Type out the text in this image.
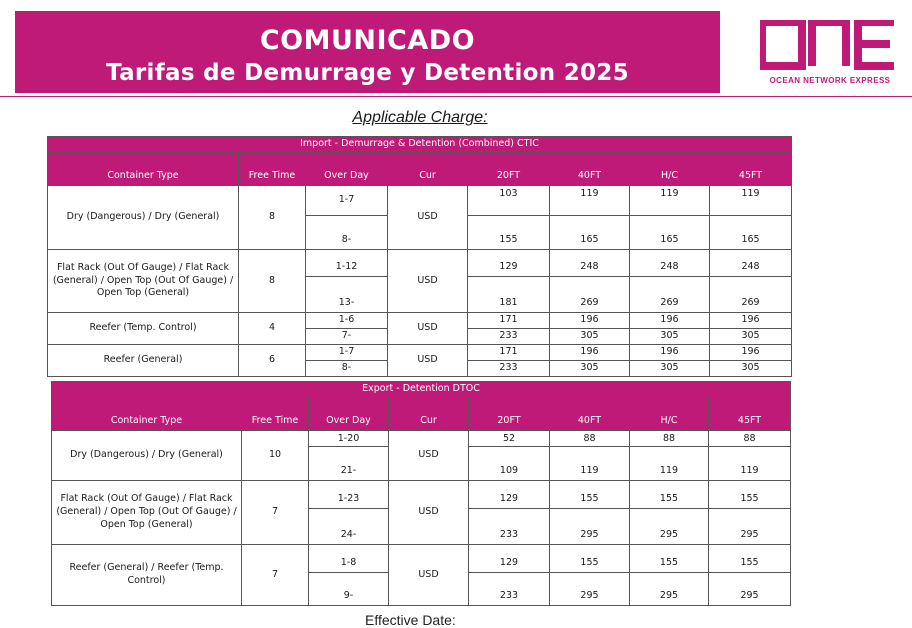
COMUNICADO
Tarifas de Demurrage y Detention 2025	OCEAN NETWORK EXPRESS
Applicable Charge:
Import - Demurrage & Detention (Combined) CTIC							
Container Type	Free Time	Over Day	Cur	20FT	40FT	H/C	45FT
Dry (Dangerous) / Dry (General)	8	1-7	USD	103	119	119	119
		8-		155	165	165	165
Flat Rack (Out Of Gauge) / Flat Rack (General) / Open Top (Out Of Gauge) / Open Top (General)	8	1-12	USD	129	248	248	248
		13-		181	269	269	269
Reefer (Temp. Control)	4	1-6	USD	171	196	196	196
		7-		233	305	305	305
Reefer (General)	6	1-7	USD	171	196	196	196
		8-		233	305	305	305
Export - Detention DTOC							
Container Type	Free Time	Over Day	Cur	20FT	40FT	H/C	45FT
Dry (Dangerous) / Dry (General)	10	1-20	USD	52	88	88	88
		21-		109	119	119	119
Flat Rack (Out Of Gauge) / Flat Rack (General) / Open Top (Out Of Gauge) / Open Top (General)	7	1-23	USD	129	155	155	155
		24-		233	295	295	295
Reefer (General) / Reefer (Temp. Control)	7	1-8	USD	129	155	155	155
		9-		233	295	295	295
Effective Date:
